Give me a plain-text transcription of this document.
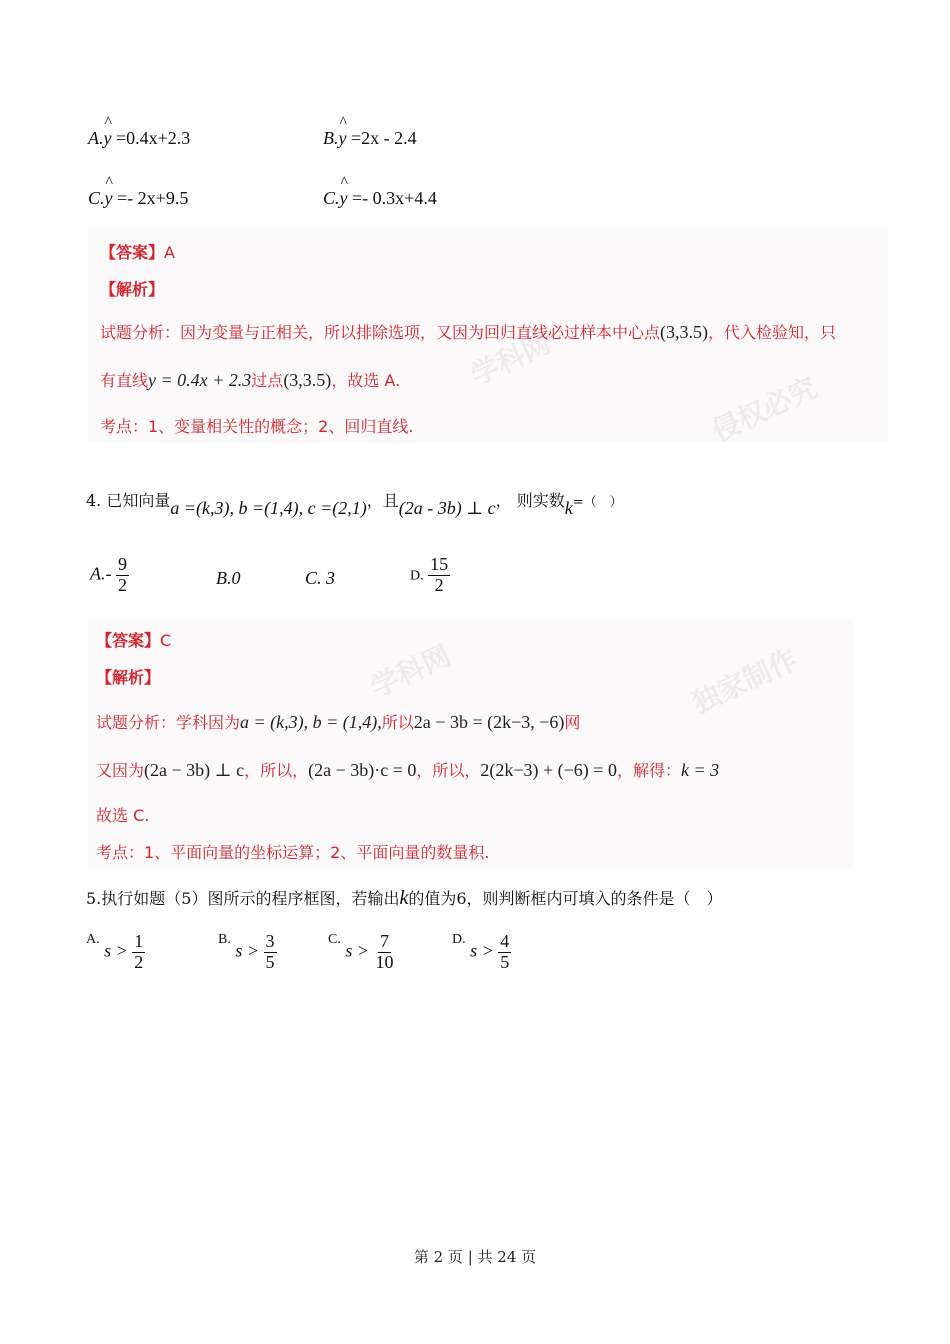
A.^ y =0.4x+2.3	B.^ y =2x - 2.4
C.^ y =- 2x+9.5	C.^ y =- 0.3x+4.4
学科网
侵权必究
【答案】A
【解析】
试题分析：因为变量与正相关，所以排除选项，又因为回归直线必过样本中心点(3,3.5)，代入检验知，只
有直线y = 0.4x + 2.3过点(3,3.5)，故选 A.
考点：1、变量相关性的概念；2、回归直线.
4. 已知向量a =(k,3), b =(1,4), c =(2,1)，且(2a - 3b) ⊥ c， 则实数k=（　）
$A.- \frac{9}{2}$	B.0	C. 3	D. $\frac{15}{2}$
学科网	独家制作
【答案】C
【解析】
试题分析：学科因为a = (k,3), b = (1,4),所以2a − 3b = (2k−3, −6)网
又因为(2a − 3b) ⊥ c，所以，(2a − 3b)·c = 0，所以，2(2k−3) + (−6) = 0，解得：k = 3
故选 C.
考点：1、平面向量的坐标运算；2、平面向量的数量积.
5.执行如题（5）图所示的程序框图，若输出k的值为6，则判断框内可填入的条件是（　）
$^{A.}$ $s > \frac{1}{2}$	$^{B.}$ $s > \frac{3}{5}$	$^{C.}$ $s > \frac{7}{10}$	$^{D.}$ $s > \frac{4}{5}$
第 2 页 | 共 24 页
